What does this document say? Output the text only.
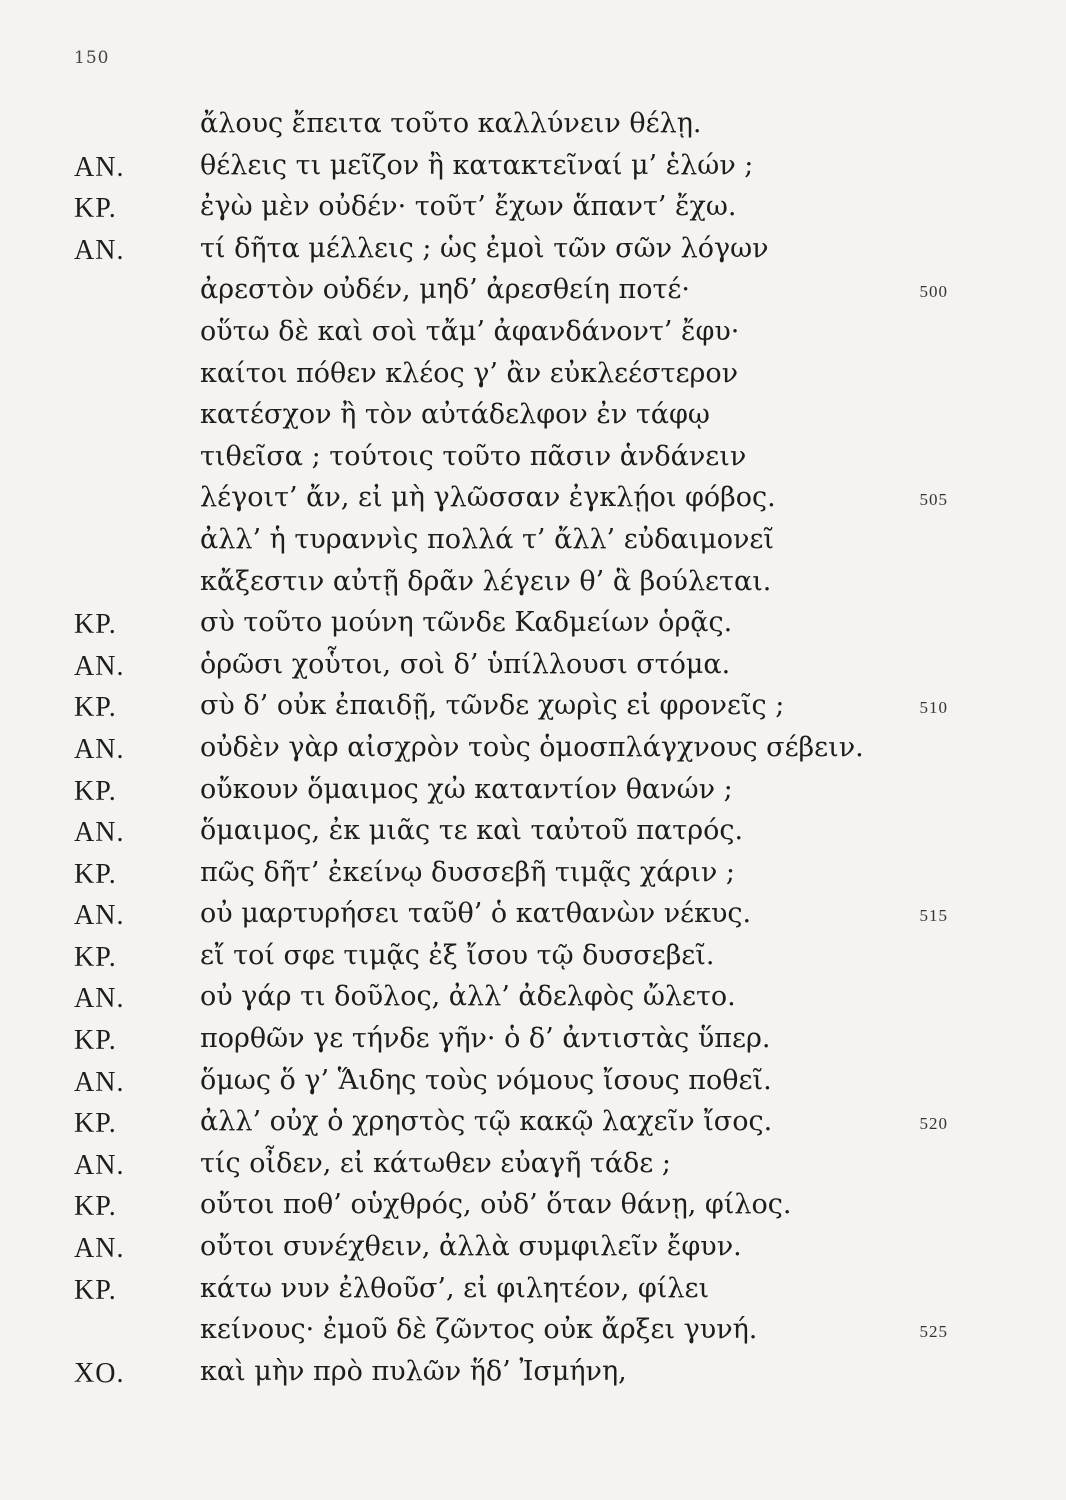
150
ἄλους ἔπειτα τοῦτο καλλύνειν θέλῃ.
ΑΝ.	θέλεις τι μεῖζον ἢ κατακτεῖναί μ’ ἑλών ;
ΚΡ.	ἐγὼ μὲν οὐδέν· τοῦτ’ ἔχων ἅπαντ’ ἔχω.
ΑΝ.	τί δῆτα μέλλεις ; ὡς ἐμοὶ τῶν σῶν λόγων
ἀρεστὸν οὐδέν, μηδ’ ἀρεσθείη ποτέ·	500
οὕτω δὲ καὶ σοὶ τἄμ’ ἀφανδάνοντ’ ἔφυ·
καίτοι πόθεν κλέος γ’ ἂν εὐκλεέστερον
κατέσχον ἢ τὸν αὐτάδελφον ἐν τάφῳ
τιθεῖσα ; τούτοις τοῦτο πᾶσιν ἁνδάνειν
λέγοιτ’ ἄν, εἰ μὴ γλῶσσαν ἐγκλῄοι φόβος.	505
ἀλλ’ ἡ τυραννὶς πολλά τ’ ἄλλ’ εὐδαιμονεῖ
κἄξεστιν αὐτῇ δρᾶν λέγειν θ’ ἃ βούλεται.
ΚΡ.	σὺ τοῦτο μούνη τῶνδε Καδμείων ὁρᾷς.
ΑΝ.	ὁρῶσι χοὗτοι, σοὶ δ’ ὑπίλλουσι στόμα.
ΚΡ.	σὺ δ’ οὐκ ἐπαιδῇ, τῶνδε χωρὶς εἰ φρονεῖς ;	510
ΑΝ.	οὐδὲν γὰρ αἰσχρὸν τοὺς ὁμοσπλάγχνους σέβειν.
ΚΡ.	οὔκουν ὅμαιμος χὠ καταντίον θανών ;
ΑΝ.	ὅμαιμος, ἐκ μιᾶς τε καὶ ταὐτοῦ πατρός.
ΚΡ.	πῶς δῆτ’ ἐκείνῳ δυσσεβῆ τιμᾷς χάριν ;
ΑΝ.	οὐ μαρτυρήσει ταῦθ’ ὁ κατθανὼν νέκυς.	515
ΚΡ.	εἴ τοί σφε τιμᾷς ἐξ ἴσου τῷ δυσσεβεῖ.
ΑΝ.	οὐ γάρ τι δοῦλος, ἀλλ’ ἀδελφὸς ὤλετο.
ΚΡ.	πορθῶν γε τήνδε γῆν· ὁ δ’ ἀντιστὰς ὕπερ.
ΑΝ.	ὅμως ὅ γ’ Ἅιδης τοὺς νόμους ἴσους ποθεῖ.
ΚΡ.	ἀλλ’ οὐχ ὁ χρηστὸς τῷ κακῷ λαχεῖν ἴσος.	520
ΑΝ.	τίς οἶδεν, εἰ κάτωθεν εὐαγῆ τάδε ;
ΚΡ.	οὔτοι ποθ’ οὑχθρός, οὐδ’ ὅταν θάνῃ, φίλος.
ΑΝ.	οὔτοι συνέχθειν, ἀλλὰ συμφιλεῖν ἔφυν.
ΚΡ.	κάτω νυν ἐλθοῦσ’, εἰ φιλητέον, φίλει
κείνους· ἐμοῦ δὲ ζῶντος οὐκ ἄρξει γυνή.	525
ΧΟ.	καὶ μὴν πρὸ πυλῶν ἥδ’ Ἰσμήνη,
